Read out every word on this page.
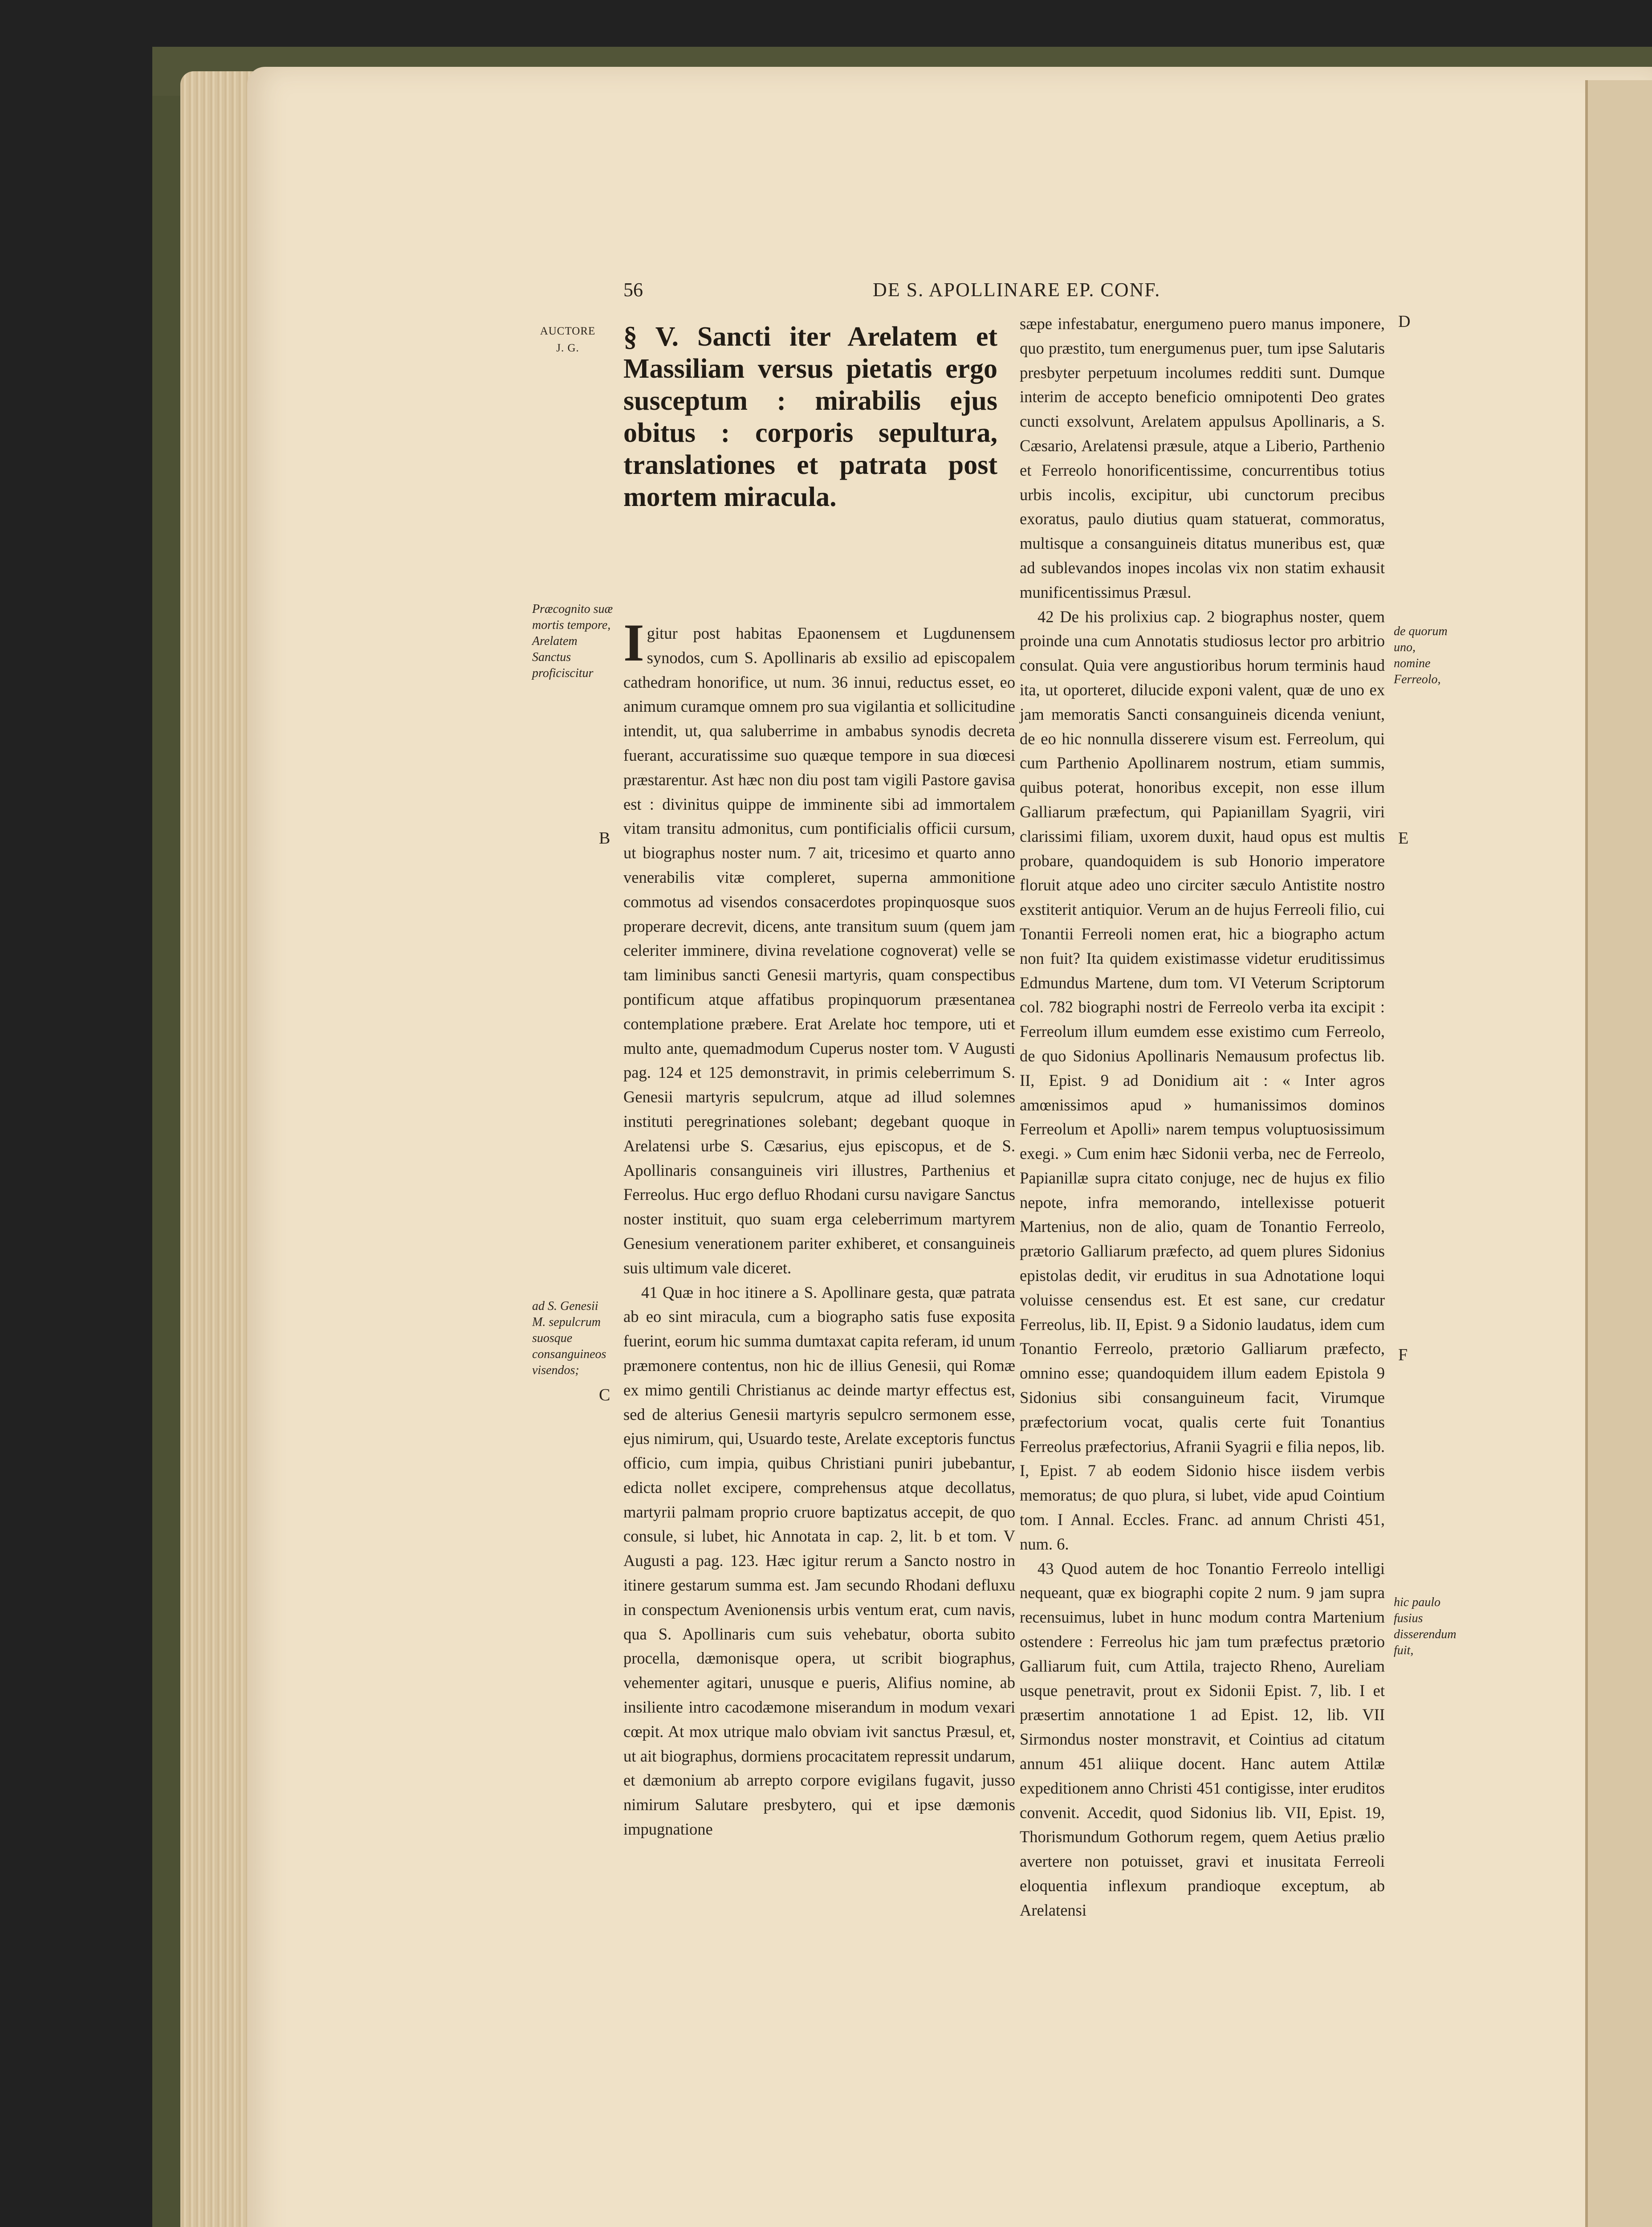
56	DE S. APOLLINARE EP. CONF.
AUCTORE
J. G.	§ V. Sancti iter Arelatem et Massiliam versus pietatis ergo susceptum : mirabilis ejus obitus : corporis sepultura, translationes et patrata post mortem miracula.

Igitur post habitas Epaonensem et Lugdunensem synodos, cum S. Apollinaris ab exsilio ad episcopalem cathedram honorifice, ut num. 36 innui, reductus esset, eo animum curamque omnem pro sua vigilantia et sollicitudine intendit, ut, qua saluberrime in ambabus synodis decreta fuerant, accuratissime suo quæque tempore in sua diœcesi præstarentur. Ast hæc non diu post tam vigili Pastore gavisa est : divinitus quippe de imminente sibi ad immortalem vitam transitu admonitus, cum pontificialis officii cursum, ut biographus noster num. 7 ait, tricesimo et quarto anno venerabilis vitæ compleret, superna ammonitione commotus ad visendos consacerdotes propinquosque suos properare decrevit, dicens, ante transitum suum (quem jam celeriter imminere, divina revelatione cognoverat) velle se tam liminibus sancti Genesii martyris, quam conspectibus pontificum atque affatibus propinquorum præsentanea contemplatione præbere. Erat Arelate hoc tempore, uti et multo ante, quemadmodum Cuperus noster tom. V Augusti pag. 124 et 125 demonstravit, in primis celeberrimum S. Genesii martyris sepulcrum, atque ad illud solemnes instituti peregrinationes solebant; degebant quoque in Arelatensi urbe S. Cæsarius, ejus episcopus, et de S. Apollinaris consanguineis viri illustres, Parthenius et Ferreolus. Huc ergo defluo Rhodani cursu navigare Sanctus noster instituit, quo suam erga celeberrimum martyrem Genesium venerationem pariter exhiberet, et consanguineis suis ultimum vale diceret.

41 Quæ in hoc itinere a S. Apollinare gesta, quæ patrata ab eo sint miracula, cum a biographo satis fuse exposita fuerint, eorum hic summa dumtaxat capita referam, id unum præmonere contentus, non hic de illius Genesii, qui Romæ ex mimo gentili Christianus ac deinde martyr effectus est, sed de alterius Genesii martyris sepulcro sermonem esse, ejus nimirum, qui, Usuardo teste, Arelate exceptoris functus officio, cum impia, quibus Christiani puniri jubebantur, edicta nollet excipere, comprehensus atque decollatus, martyrii palmam proprio cruore baptizatus accepit, de quo consule, si lubet, hic Annotata in cap. 2, lit. b et tom. V Augusti a pag. 123. Hæc igitur rerum a Sancto nostro in itinere gestarum summa est. Jam secundo Rhodani defluxu in conspectum Avenionensis urbis ventum erat, cum navis, qua S. Apollinaris cum suis vehebatur, oborta subito procella, dæmonisque opera, ut scribit biographus, vehementer agitari, unusque e pueris, Alifius nomine, ab insiliente intro cacodæmone miserandum in modum vexari cœpit. At mox utrique malo obviam ivit sanctus Præsul, et, ut ait biographus, dormiens procacitatem repressit undarum, et dæmonium ab arrepto corpore evigilans fugavit, jusso nimirum Salutare presbytero, qui et ipse dæmonis impugnatione

sæpe infestabatur, energumeno puero manus imponere, quo præstito, tum energumenus puer, tum ipse Salutaris presbyter perpetuum incolumes redditi sunt. Dumque interim de accepto beneficio omnipotenti Deo grates cuncti exsolvunt, Arelatem appulsus Apollinaris, a S. Cæsario, Arelatensi præsule, atque a Liberio, Parthenio et Ferreolo honorificentissime, concurrentibus totius urbis incolis, excipitur, ubi cunctorum precibus exoratus, paulo diutius quam statuerat, commoratus, multisque a consanguineis ditatus muneribus est, quæ ad sublevandos inopes incolas vix non statim exhausit munificentissimus Præsul.

42 De his prolixius cap. 2 biographus noster, quem proinde una cum Annotatis studiosus lector pro arbitrio consulat. Quia vere angustioribus horum terminis haud ita, ut oporteret, dilucide exponi valent, quæ de uno ex jam memoratis Sancti consanguineis dicenda veniunt, de eo hic nonnulla disserere visum est. Ferreolum, qui cum Parthenio Apollinarem nostrum, etiam summis, quibus poterat, honoribus excepit, non esse illum Galliarum præfectum, qui Papianillam Syagrii, viri clarissimi filiam, uxorem duxit, haud opus est multis probare, quandoquidem is sub Honorio imperatore floruit atque adeo uno circiter sæculo Antistite nostro exstiterit antiquior. Verum an de hujus Ferreoli filio, cui Tonantii Ferreoli nomen erat, hic a biographo actum non fuit? Ita quidem existimasse videtur eruditissimus Edmundus Martene, dum tom. VI Veterum Scriptorum col. 782 biographi nostri de Ferreolo verba ita excipit : Ferreolum illum eumdem esse existimo cum Ferreolo, de quo Sidonius Apollinaris Nemausum profectus lib. II, Epist. 9 ad Donidium ait : « Inter agros amœnissimos apud » humanissimos dominos Ferreolum et Apolli» narem tempus voluptuosissimum exegi. » Cum enim hæc Sidonii verba, nec de Ferreolo, Papianillæ supra citato conjuge, nec de hujus ex filio nepote, infra memorando, intellexisse potuerit Martenius, non de alio, quam de Tonantio Ferreolo, prætorio Galliarum præfecto, ad quem plures Sidonius epistolas dedit, vir eruditus in sua Adnotatione loqui voluisse censendus est. Et est sane, cur credatur Ferreolus, lib. II, Epist. 9 a Sidonio laudatus, idem cum Tonantio Ferreolo, prætorio Galliarum præfecto, omnino esse; quandoquidem illum eadem Epistola 9 Sidonius sibi consanguineum facit, Virumque præfectorium vocat, qualis certe fuit Tonantius Ferreolus præfectorius, Afranii Syagrii e filia nepos, lib. I, Epist. 7 ab eodem Sidonio hisce iisdem verbis memoratus; de quo plura, si lubet, vide apud Cointium tom. I Annal. Eccles. Franc. ad annum Christi 451, num. 6.

43 Quod autem de hoc Tonantio Ferreolo intelligi nequeant, quæ ex biographi copite 2 num. 9 jam supra recensuimus, lubet in hunc modum contra Martenium ostendere : Ferreolus hic jam tum præfectus prætorio Galliarum fuit, cum Attila, trajecto Rheno, Aureliam usque penetravit, prout ex Sidonii Epist. 7, lib. I et præsertim annotatione 1 ad Epist. 12, lib. VII Sirmondus noster monstravit, et Cointius ad citatum annum 451 aliique docent. Hanc autem Attilæ expeditionem anno Christi 451 contigisse, inter eruditos convenit. Accedit, quod Sidonius lib. VII, Epist. 19, Thorismundum Gothorum regem, quem Aetius prælio avertere non potuisset, gravi et inusitata Ferreoli eloquentia inflexum prandioque exceptum, ab Arelatensi

Præcognito suæ mortis tempore, Arelatem Sanctus proficiscitur
ad S. Genesii M. sepulcrum suosque consanguineos visendos;
de quorum uno, nomine Ferreolo,
hic paulo fusius disserendum fuit,
B
C
D
E
F
